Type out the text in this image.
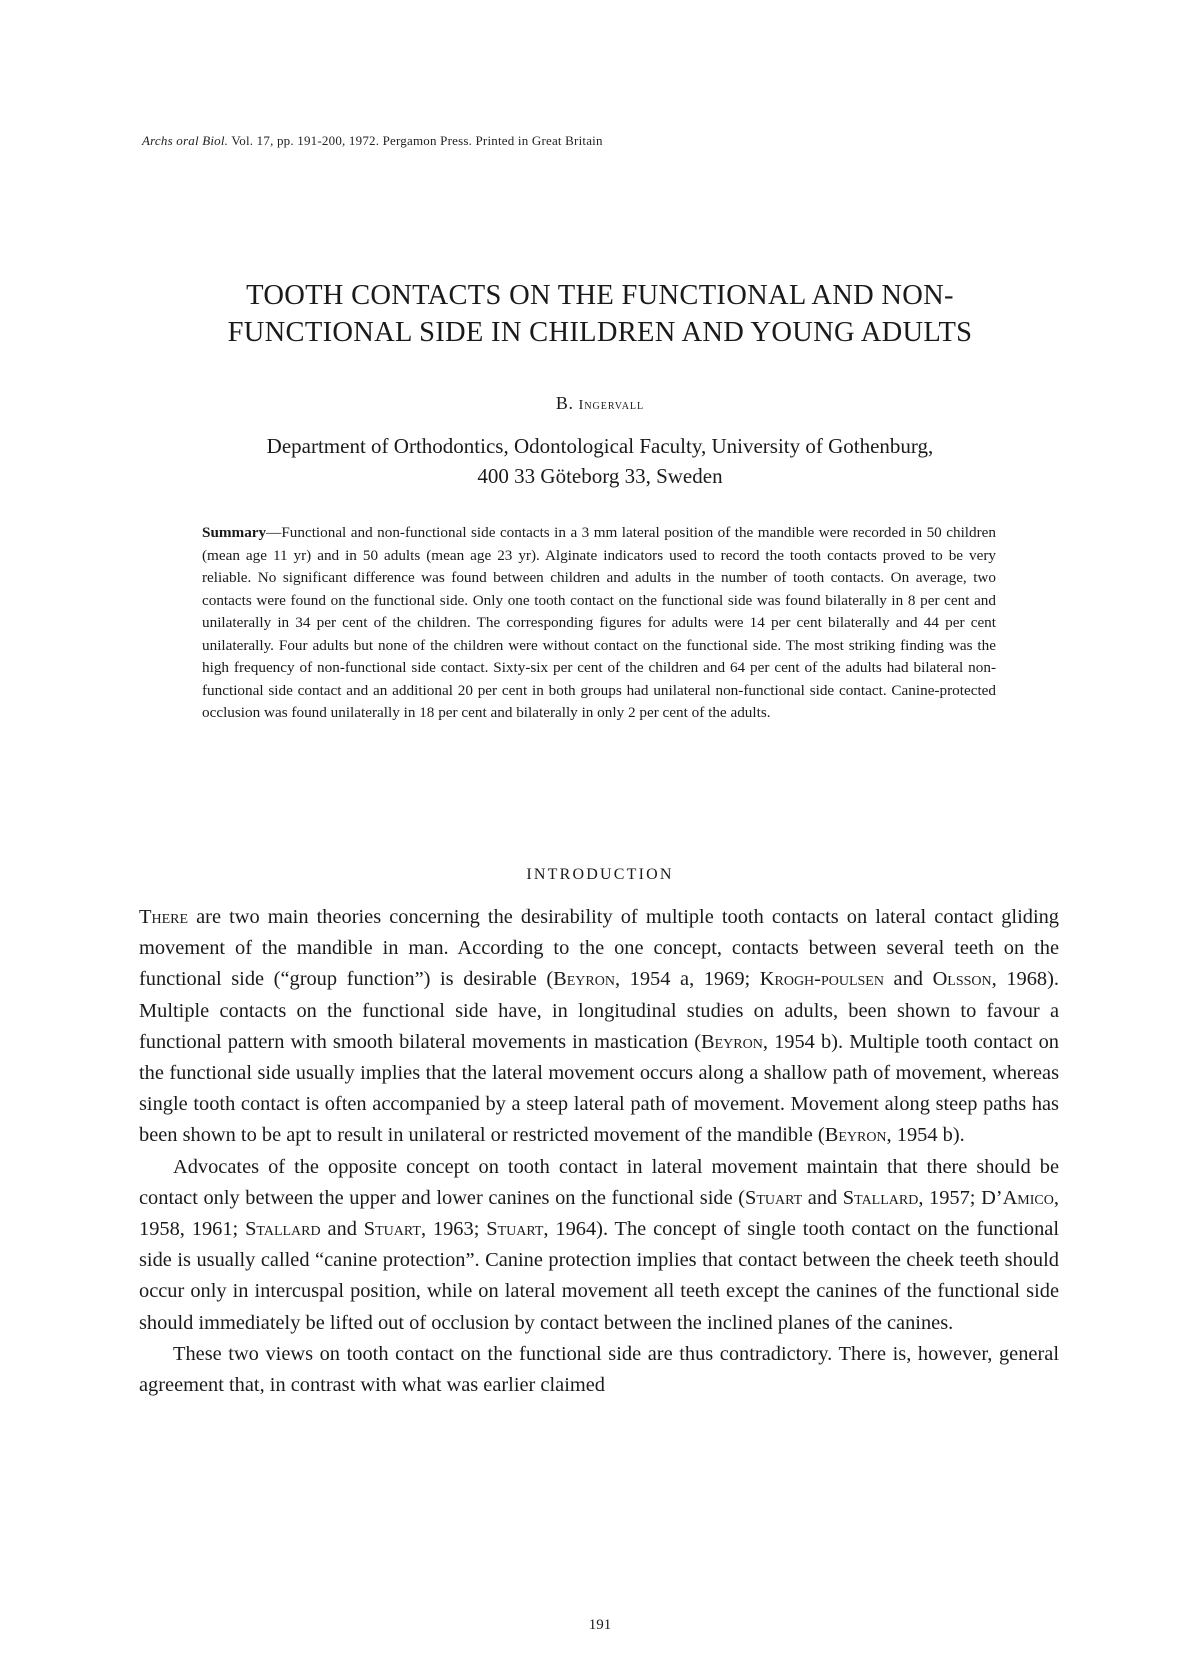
Archs oral Biol. Vol. 17, pp. 191-200, 1972. Pergamon Press. Printed in Great Britain
TOOTH CONTACTS ON THE FUNCTIONAL AND NON-
FUNCTIONAL SIDE IN CHILDREN AND YOUNG ADULTS
B. Ingervall
Department of Orthodontics, Odontological Faculty, University of Gothenburg,
400 33 Göteborg 33, Sweden

Summary—Functional and non-functional side contacts in a 3 mm lateral position of the mandible were recorded in 50 children (mean age 11 yr) and in 50 adults (mean age 23 yr). Alginate indicators used to record the tooth contacts proved to be very reliable. No significant difference was found between children and adults in the number of tooth contacts. On average, two contacts were found on the functional side. Only one tooth contact on the functional side was found bilaterally in 8 per cent and unilaterally in 34 per cent of the children. The corresponding figures for adults were 14 per cent bilaterally and 44 per cent unilaterally. Four adults but none of the children were without contact on the functional side. The most striking finding was the high frequency of non-functional side contact. Sixty-six per cent of the children and 64 per cent of the adults had bilateral non-functional side contact and an additional 20 per cent in both groups had unilateral non-functional side contact. Canine-protected occlusion was found unilaterally in 18 per cent and bilaterally in only 2 per cent of the adults.

INTRODUCTION

There are two main theories concerning the desirability of multiple tooth contacts on lateral contact gliding movement of the mandible in man. According to the one concept, contacts between several teeth on the functional side (“group function”) is desirable (Beyron, 1954 a, 1969; Krogh-poulsen and Olsson, 1968). Multiple contacts on the functional side have, in longitudinal studies on adults, been shown to favour a functional pattern with smooth bilateral movements in mastication (Beyron, 1954 b). Multiple tooth contact on the functional side usually implies that the lateral movement occurs along a shallow path of movement, whereas single tooth contact is often accompanied by a steep lateral path of movement. Movement along steep paths has been shown to be apt to result in unilateral or restricted movement of the mandible (Beyron, 1954 b).

Advocates of the opposite concept on tooth contact in lateral movement maintain that there should be contact only between the upper and lower canines on the functional side (Stuart and Stallard, 1957; D’Amico, 1958, 1961; Stallard and Stuart, 1963; Stuart, 1964). The concept of single tooth contact on the functional side is usually called “canine protection”. Canine protection implies that contact between the cheek teeth should occur only in intercuspal position, while on lateral movement all teeth except the canines of the functional side should immediately be lifted out of occlusion by contact between the inclined planes of the canines.

These two views on tooth contact on the functional side are thus contradictory. There is, however, general agreement that, in contrast with what was earlier claimed

191
